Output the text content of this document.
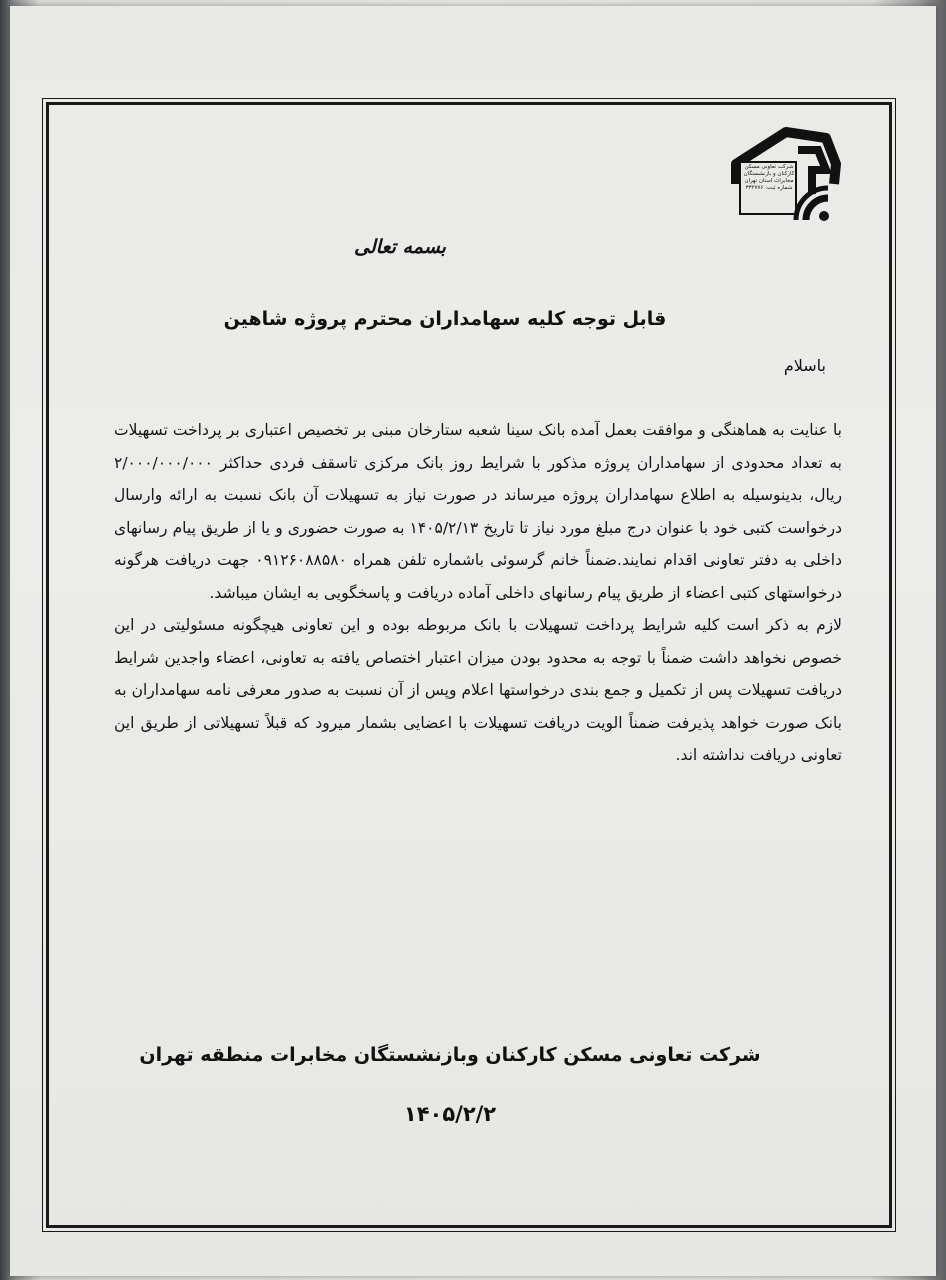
شرکت تعاونی مسکن کارکنان و بازنشستگان مخابرات استان تهران شماره ثبت: ۳۳۲۷۷۶
بسمه تعالی
قابل توجه کلیه سهامداران محترم پروژه شاهین
باسلام

با عنایت به هماهنگی و موافقت بعمل آمده بانک سینا شعبه ستارخان مبنی بر تخصیص اعتباری بر پرداخت تسهیلات به تعداد محدودی از سهامداران پروژه مذکور با شرایط روز بانک مرکزی تاسقف فردی حداکثر ۲/۰۰۰/۰۰۰/۰۰۰ ریال، بدینوسیله به اطلاع سهامداران پروژه میرساند در صورت نیاز به تسهیلات آن بانک نسبت به ارائه وارسال درخواست کتبی خود با عنوان درج مبلغ مورد نیاز تا تاریخ ۱۴۰۵/۲/۱۳ به صورت حضوری و یا از طریق پیام رسانهای داخلی به دفتر تعاونی اقدام نمایند.ضمناً خانم گرسوئی باشماره تلفن همراه ۰۹۱۲۶۰۸۸۵۸۰ جهت دریافت هرگونه درخواستهای کتبی اعضاء از طریق پیام رسانهای داخلی آماده دریافت و پاسخگویی به ایشان میباشد.

لازم به ذکر است کلیه شرایط پرداخت تسهیلات با بانک مربوطه بوده و این تعاونی هیچگونه مسئولیتی در این خصوص نخواهد داشت ضمناً با توجه به محدود بودن میزان اعتبار اختصاص یافته به تعاونی، اعضاء واجدین شرایط دریافت تسهیلات پس از تکمیل و جمع بندی درخواستها اعلام وپس از آن نسبت به صدور معرفی نامه سهامداران به بانک صورت خواهد پذیرفت ضمناً الویت دریافت تسهیلات با اعضایی بشمار میرود که قبلاً تسهیلاتی از طریق این تعاونی دریافت نداشته اند.

شرکت تعاونی مسکن کارکنان وبازنشستگان مخابرات منطقه تهران
۱۴۰۵/۲/۲
